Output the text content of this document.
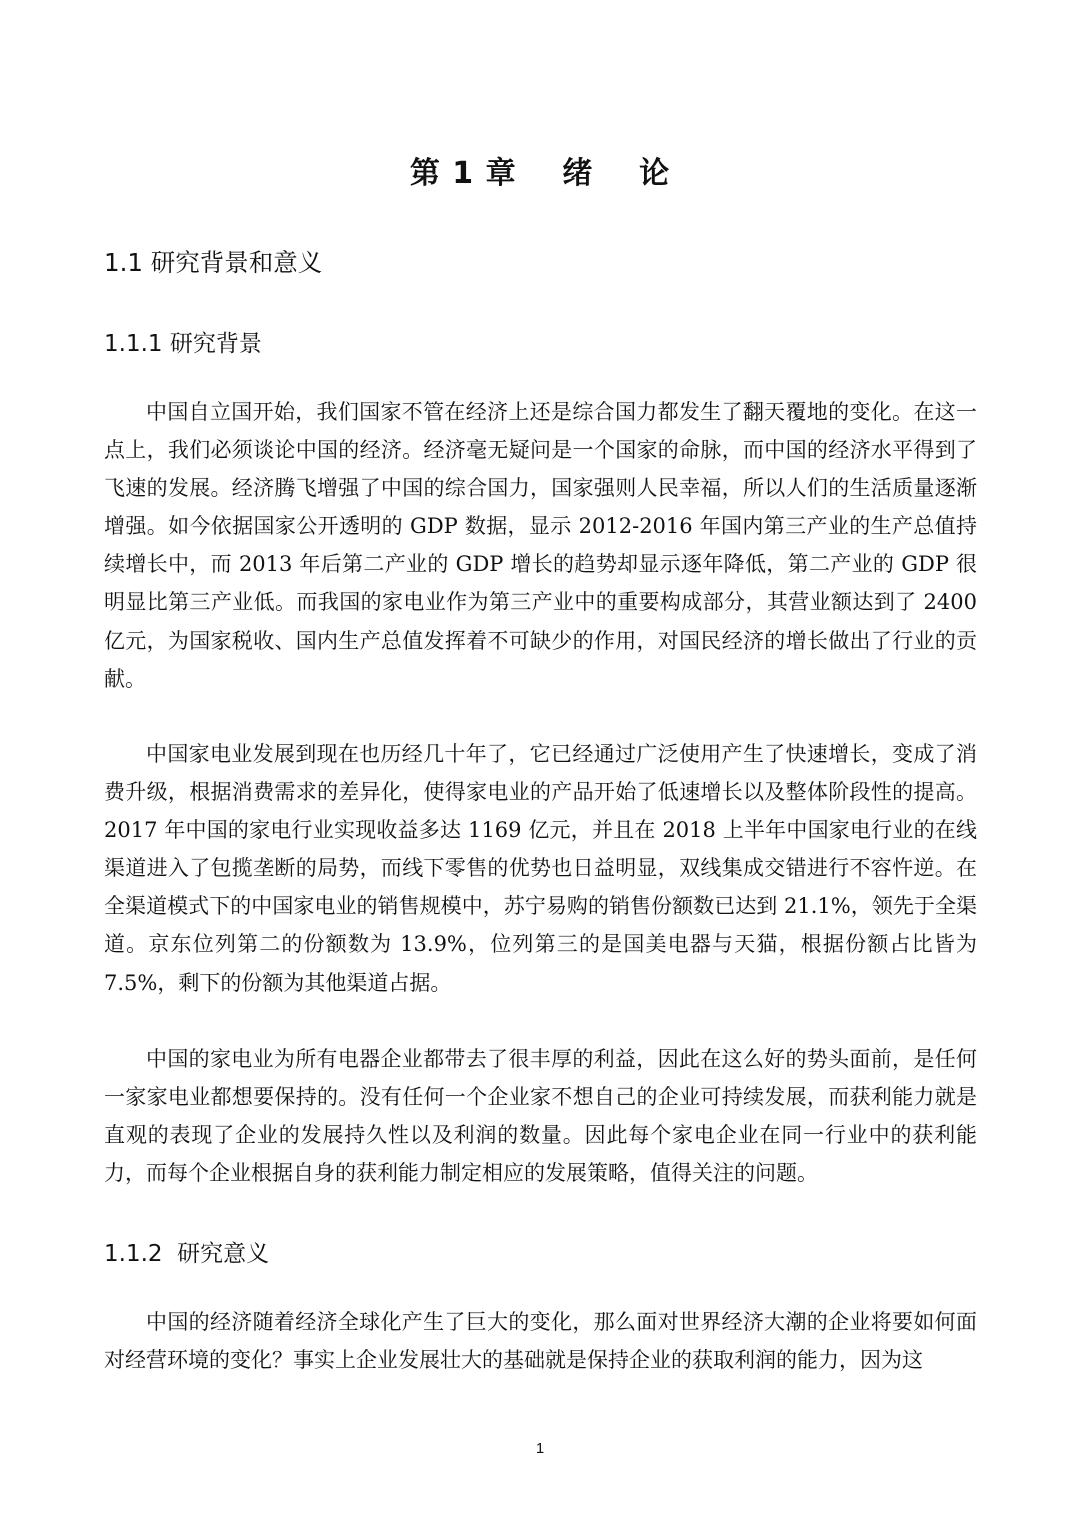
第 1 章    绪    论
1.1 研究背景和意义
1.1.1 研究背景

中国自立国开始，我们国家不管在经济上还是综合国力都发生了翻天覆地的变化。在这一点上，我们必须谈论中国的经济。经济毫无疑问是一个国家的命脉，而中国的经济水平得到了飞速的发展。经济腾飞增强了中国的综合国力，国家强则人民幸福，所以人们的生活质量逐渐增强。如今依据国家公开透明的 GDP 数据，显示 2012-2016 年国内第三产业的生产总值持续增长中，而 2013 年后第二产业的 GDP 增长的趋势却显示逐年降低，第二产业的 GDP 很明显比第三产业低。而我国的家电业作为第三产业中的重要构成部分，其营业额达到了 2400 亿元，为国家税收、国内生产总值发挥着不可缺少的作用，对国民经济的增长做出了行业的贡献。

中国家电业发展到现在也历经几十年了，它已经通过广泛使用产生了快速增长，变成了消费升级，根据消费需求的差异化，使得家电业的产品开始了低速增长以及整体阶段性的提高。2017 年中国的家电行业实现收益多达 1169 亿元，并且在 2018 上半年中国家电行业的在线渠道进入了包揽垄断的局势，而线下零售的优势也日益明显，双线集成交错进行不容忤逆。在全渠道模式下的中国家电业的销售规模中，苏宁易购的销售份额数已达到 21.1%，领先于全渠道。京东位列第二的份额数为 13.9%，位列第三的是国美电器与天猫，根据份额占比皆为 7.5%，剩下的份额为其他渠道占据。

中国的家电业为所有电器企业都带去了很丰厚的利益，因此在这么好的势头面前，是任何一家家电业都想要保持的。没有任何一个企业家不想自己的企业可持续发展，而获利能力就是直观的表现了企业的发展持久性以及利润的数量。因此每个家电企业在同一行业中的获利能力，而每个企业根据自身的获利能力制定相应的发展策略，值得关注的问题。

1.1.2  研究意义

中国的经济随着经济全球化产生了巨大的变化，那么面对世界经济大潮的企业将要如何面对经营环境的变化？事实上企业发展壮大的基础就是保持企业的获取利润的能力，因为这

1
